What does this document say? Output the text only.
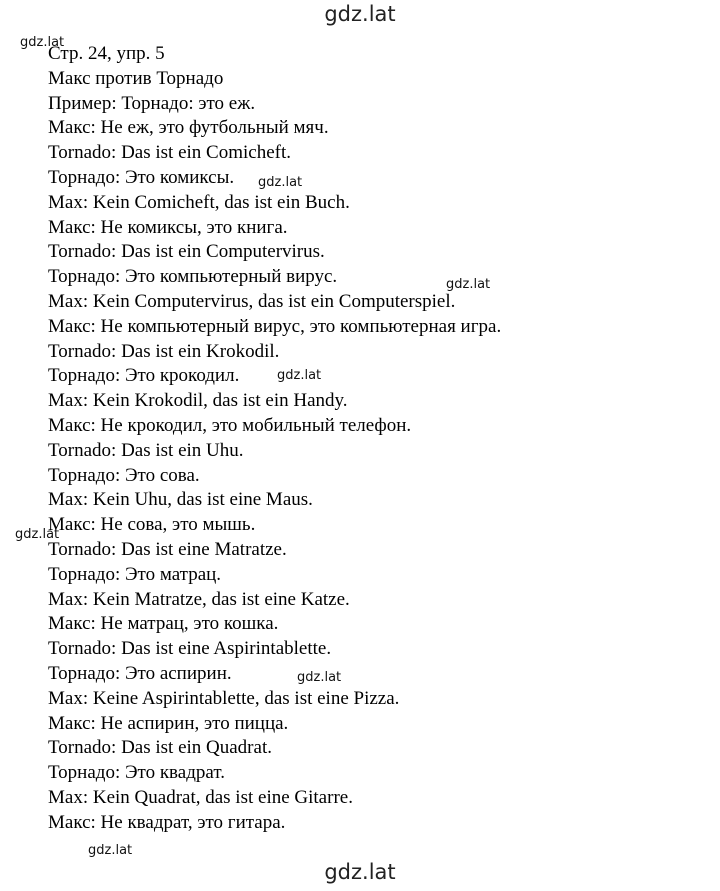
gdz.lat
Стр. 24, упр. 5
Макс против Торнадо
Пример: Торнадо: это еж.
Макс: Не еж, это футбольный мяч.
Tornado: Das ist ein Comicheft.
Торнадо: Это комиксы.
Max: Kein Comicheft, das ist ein Buch.
Макс: Не комиксы, это книга.
Tornado: Das ist ein Computervirus.
Торнадо: Это компьютерный вирус.
Max: Kein Computervirus, das ist ein Computerspiel.
Макс: Не компьютерный вирус, это компьютерная игра.
Tornado: Das ist ein Krokodil.
Торнадо: Это крокодил.
Max: Kein Krokodil, das ist ein Handy.
Макс: Не крокодил, это мобильный телефон.
Tornado: Das ist ein Uhu.
Торнадо: Это сова.
Max: Kein Uhu, das ist eine Maus.
Макс: Не сова, это мышь.
Tornado: Das ist eine Matratze.
Торнадо: Это матрац.
Max: Kein Matratze, das ist eine Katze.
Макс: Не матрац, это кошка.
Tornado: Das ist eine Aspirintablette.
Торнадо: Это аспирин.
Max: Keine Aspirintablette, das ist eine Pizza.
Макс: Не аспирин, это пицца.
Tornado: Das ist ein Quadrat.
Торнадо: Это квадрат.
Max: Kein Quadrat, das ist eine Gitarre.
Макс: Не квадрат, это гитара.
gdz.lat
gdz.lat
gdz.lat
gdz.lat
gdz.lat
gdz.lat
gdz.lat
gdz.lat
